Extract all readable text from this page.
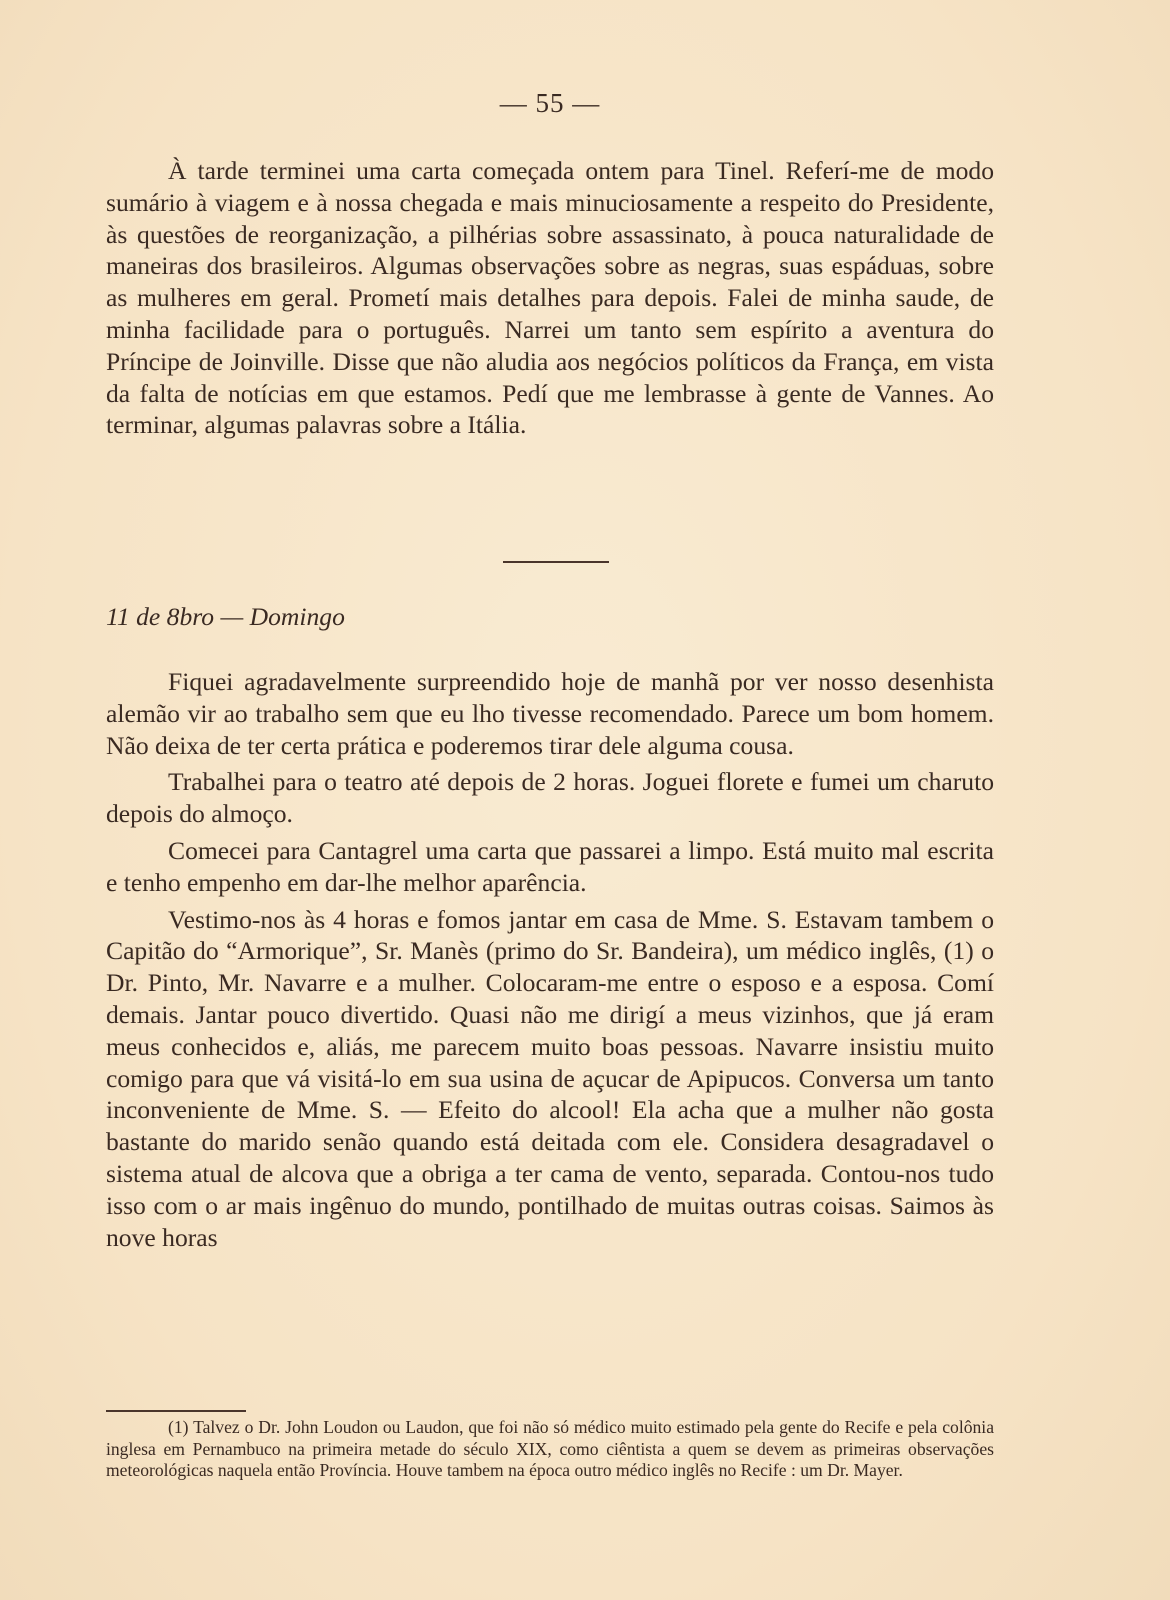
— 55 —

À tarde terminei uma carta começada ontem para Tinel. Referí-me de modo sumário à viagem e à nossa chegada e mais minuciosamente a respeito do Presidente, às questões de reorganização, a pilhérias sobre assassinato, à pouca naturalidade de maneiras dos brasileiros. Algumas observações sobre as negras, suas espáduas, sobre as mulheres em geral. Prometí mais detalhes para depois. Falei de minha saude, de minha facilidade para o português. Narrei um tanto sem espírito a aventura do Príncipe de Joinville. Disse que não aludia aos negócios políticos da França, em vista da falta de notícias em que estamos. Pedí que me lembrasse à gente de Vannes. Ao terminar, algumas palavras sobre a Itália.

11 de 8bro — Domingo

Fiquei agradavelmente surpreendido hoje de manhã por ver nosso desenhista alemão vir ao trabalho sem que eu lho tivesse recomendado. Parece um bom homem. Não deixa de ter certa prática e poderemos tirar dele alguma cousa.

Trabalhei para o teatro até depois de 2 horas. Joguei florete e fumei um charuto depois do almoço.

Comecei para Cantagrel uma carta que passarei a limpo. Está muito mal escrita e tenho empenho em dar-lhe melhor aparência.

Vestimo-nos às 4 horas e fomos jantar em casa de Mme. S. Estavam tambem o Capitão do “Armorique”, Sr. Manès (primo do Sr. Bandeira), um médico inglês, (1) o Dr. Pinto, Mr. Navarre e a mulher. Colocaram-me entre o esposo e a esposa. Comí demais. Jantar pouco divertido. Quasi não me dirigí a meus vizinhos, que já eram meus conhecidos e, aliás, me parecem muito boas pessoas. Navarre insistiu muito comigo para que vá visitá-lo em sua usina de açucar de Apipucos. Conversa um tanto inconveniente de Mme. S. — Efeito do alcool! Ela acha que a mulher não gosta bastante do marido senão quando está deitada com ele. Considera desagradavel o sistema atual de alcova que a obriga a ter cama de vento, separada. Contou-nos tudo isso com o ar mais ingênuo do mundo, pontilhado de muitas outras coisas. Saimos às nove horas

(1) Talvez o Dr. John Loudon ou Laudon, que foi não só médico muito estimado pela gente do Recife e pela colônia inglesa em Pernambuco na primeira metade do século XIX, como ciêntista a quem se devem as primeiras observações meteorológicas naquela então Província. Houve tambem na época outro médico inglês no Recife : um Dr. Mayer.
